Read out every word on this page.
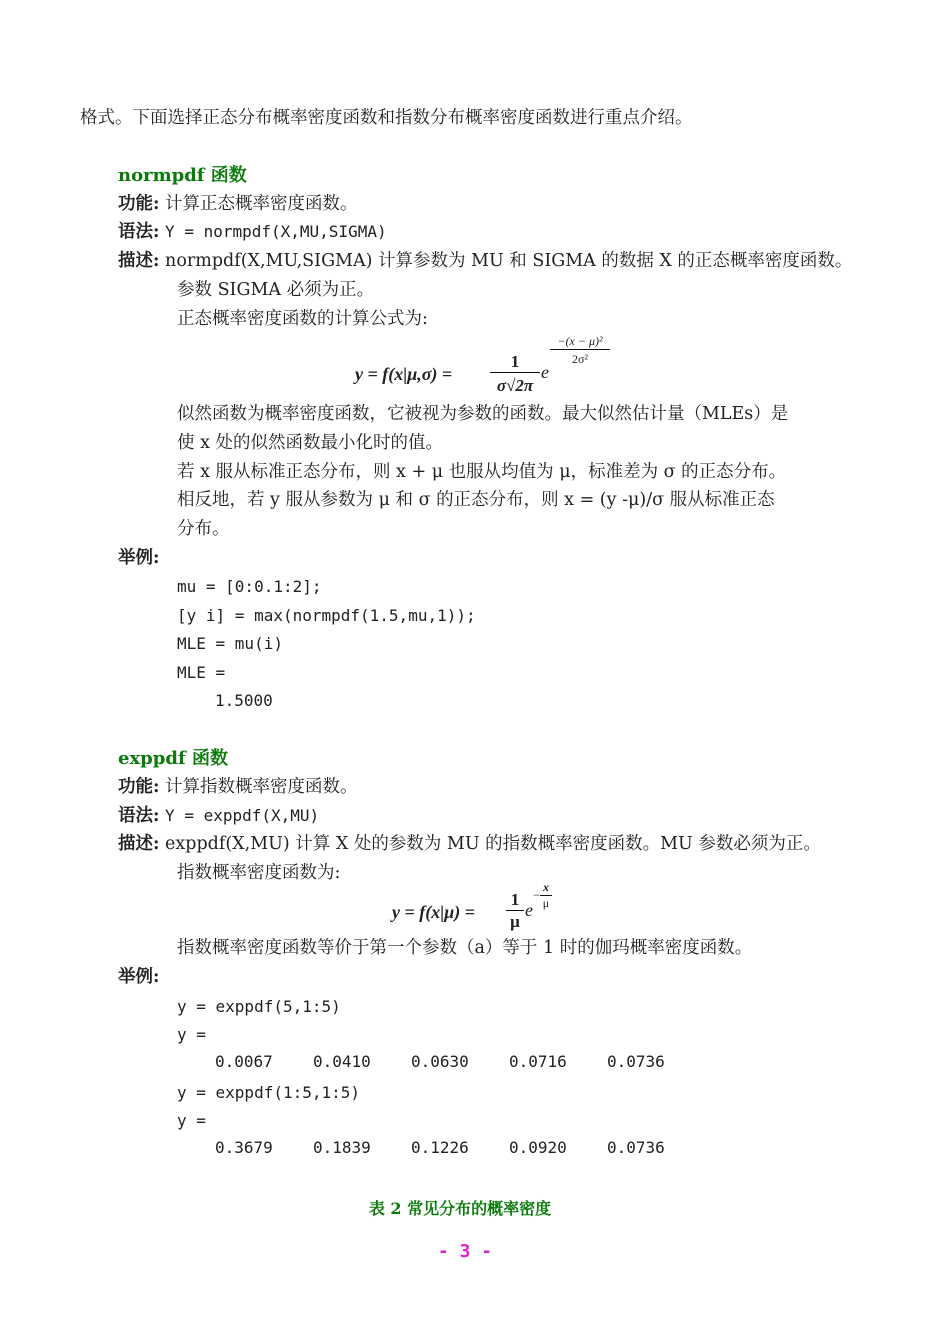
格式。下面选择正态分布概率密度函数和指数分布概率密度函数进行重点介绍。
normpdf 函数
功能: 计算正态概率密度函数。
语法: Y = normpdf(X,MU,SIGMA)
描述: normpdf(X,MU,SIGMA) 计算参数为 MU 和 SIGMA 的数据 X 的正态概率密度函数。
参数 SIGMA 必须为正。
正态概率密度函数的计算公式为:
y = f(x|μ,σ) =
1
σ√2π
e
−(x − μ)²
2σ²
似然函数为概率密度函数，它被视为参数的函数。最大似然估计量（MLEs）是
使 x 处的似然函数最小化时的值。
若 x 服从标准正态分布，则 x + μ 也服从均值为 μ，标准差为 σ 的正态分布。
相反地，若 y 服从参数为 μ 和 σ 的正态分布，则 x = (y -μ)/σ 服从标准正态
分布。
举例:
mu = [0:0.1:2];
[y i] = max(normpdf(1.5,mu,1));
MLE = mu(i)
MLE =
1.5000
exppdf 函数
功能: 计算指数概率密度函数。
语法: Y = exppdf(X,MU)
描述: exppdf(X,MU) 计算 X 处的参数为 MU 的指数概率密度函数。MU 参数必须为正。
指数概率密度函数为:
y = f(x|μ) =
1
μ
e
−
x
μ
指数概率密度函数等价于第一个参数（a）等于 1 时的伽玛概率密度函数。
举例:
y = exppdf(5,1:5)
y =
0.0067	0.0410	0.0630	0.0716	0.0736
y = exppdf(1:5,1:5)
y =
0.3679	0.1839	0.1226	0.0920	0.0736
表 2 常见分布的概率密度
- 3 -
